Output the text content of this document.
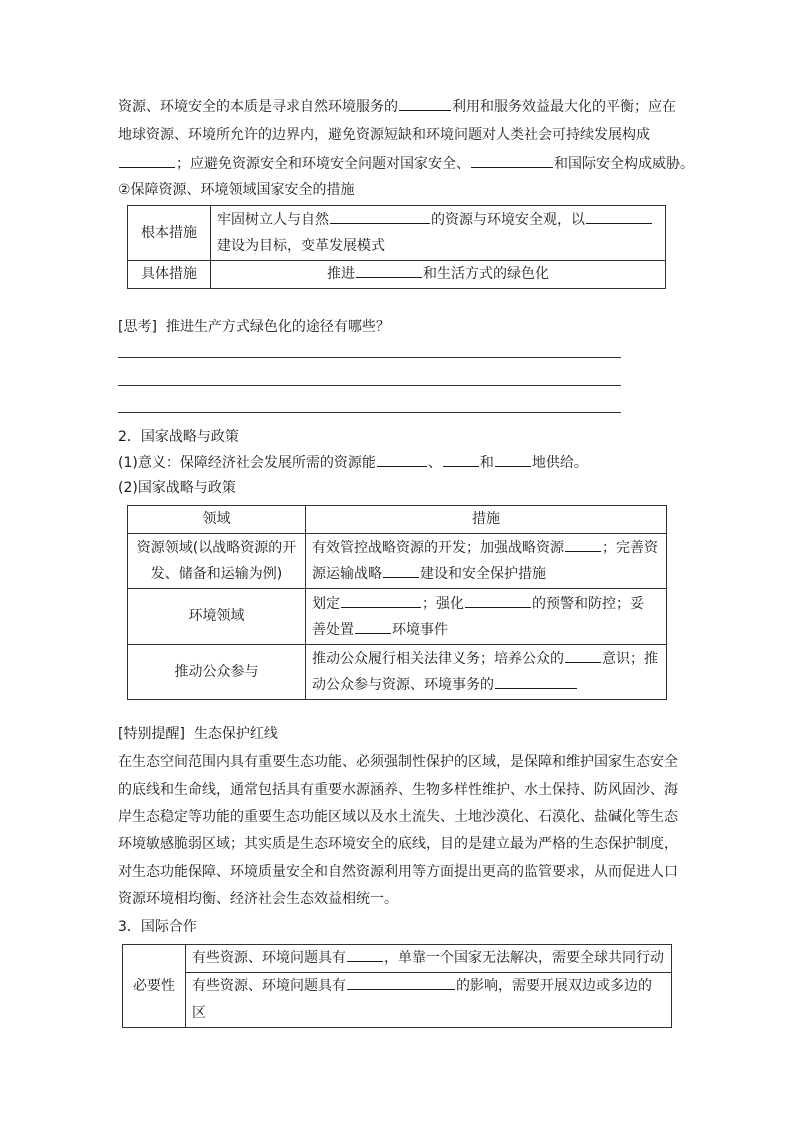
资源、环境安全的本质是寻求自然环境服务的	利用和服务效益最大化的平衡；应在
地球资源、环境所允许的边界内，避免资源短缺和环境问题对人类社会可持续发展构成
；应避免资源安全和环境安全问题对国家安全、	和国际安全构成威胁。
②保障资源、环境领域国家安全的措施
根本措施	牢固树立人与自然 的资源与环境安全观，以
建设为目标，变革发展模式
具体措施	推进 和生活方式的绿色化
[思考] 推进生产方式绿色化的途径有哪些？
2．国家战略与政策
(1)意义：保障经济社会发展所需的资源能	、	和	地供给。
(2)国家战略与政策
领域	措施
资源领域(以战略资源的开
发、储备和运输为例)	有效管控战略资源的开发；加强战略资源 ；完善资
源运输战略 建设和安全保护措施
环境领域	划定 ；强化 的预警和防控；妥
善处置 环境事件
推动公众参与	推动公众履行相关法律义务；培养公众的 意识；推
动公众参与资源、环境事务的
[特别提醒] 生态保护红线
在生态空间范围内具有重要生态功能、必须强制性保护的区域，是保障和维护国家生态安全
的底线和生命线，通常包括具有重要水源涵养、生物多样性维护、水土保持、防风固沙、海
岸生态稳定等功能的重要生态功能区域以及水土流失、土地沙漠化、石漠化、盐碱化等生态
环境敏感脆弱区域；其实质是生态环境安全的底线，目的是建立最为严格的生态保护制度，
对生态功能保障、环境质量安全和自然资源利用等方面提出更高的监管要求，从而促进人口
资源环境相均衡、经济社会生态效益相统一。
3．国际合作
必要性	有些资源、环境问题具有	，单靠一个国家无法解决，需要全球共同行动
有些资源、环境问题具有	的影响，需要开展双边或多边的区
